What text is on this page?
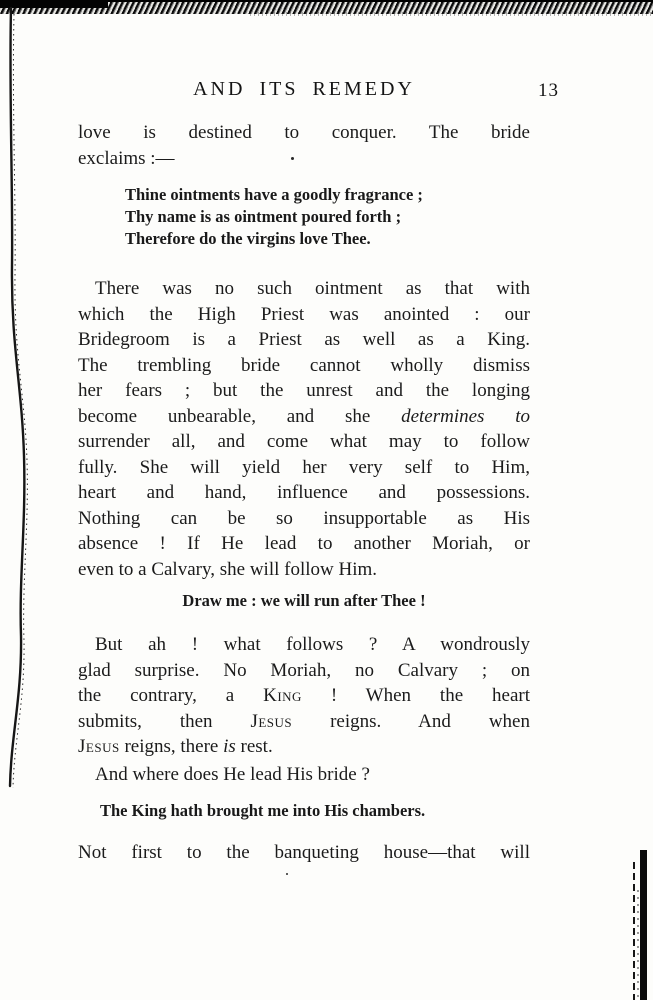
AND ITS REMEDY	13
love is destined to conquer. The bride
exclaims :—
Thine ointments have a goodly fragrance ;
Thy name is as ointment poured forth ;
Therefore do the virgins love Thee.
There was no such ointment as that with
which the High Priest was anointed : our
Bridegroom is a Priest as well as a King.
The trembling bride cannot wholly dismiss
her fears ; but the unrest and the longing
become unbearable, and she determines to
surrender all, and come what may to follow
fully. She will yield her very self to Him,
heart and hand, influence and possessions.
Nothing can be so insupportable as His
absence ! If He lead to another Moriah, or
even to a Calvary, she will follow Him.
Draw me : we will run after Thee !
But ah ! what follows ? A wondrously
glad surprise. No Moriah, no Calvary ; on
the contrary, a King ! When the heart
submits, then Jesus reigns. And when
Jesus reigns, there is rest.
And where does He lead His bride ?
The King hath brought me into His chambers.
Not first to the banqueting house—that will
